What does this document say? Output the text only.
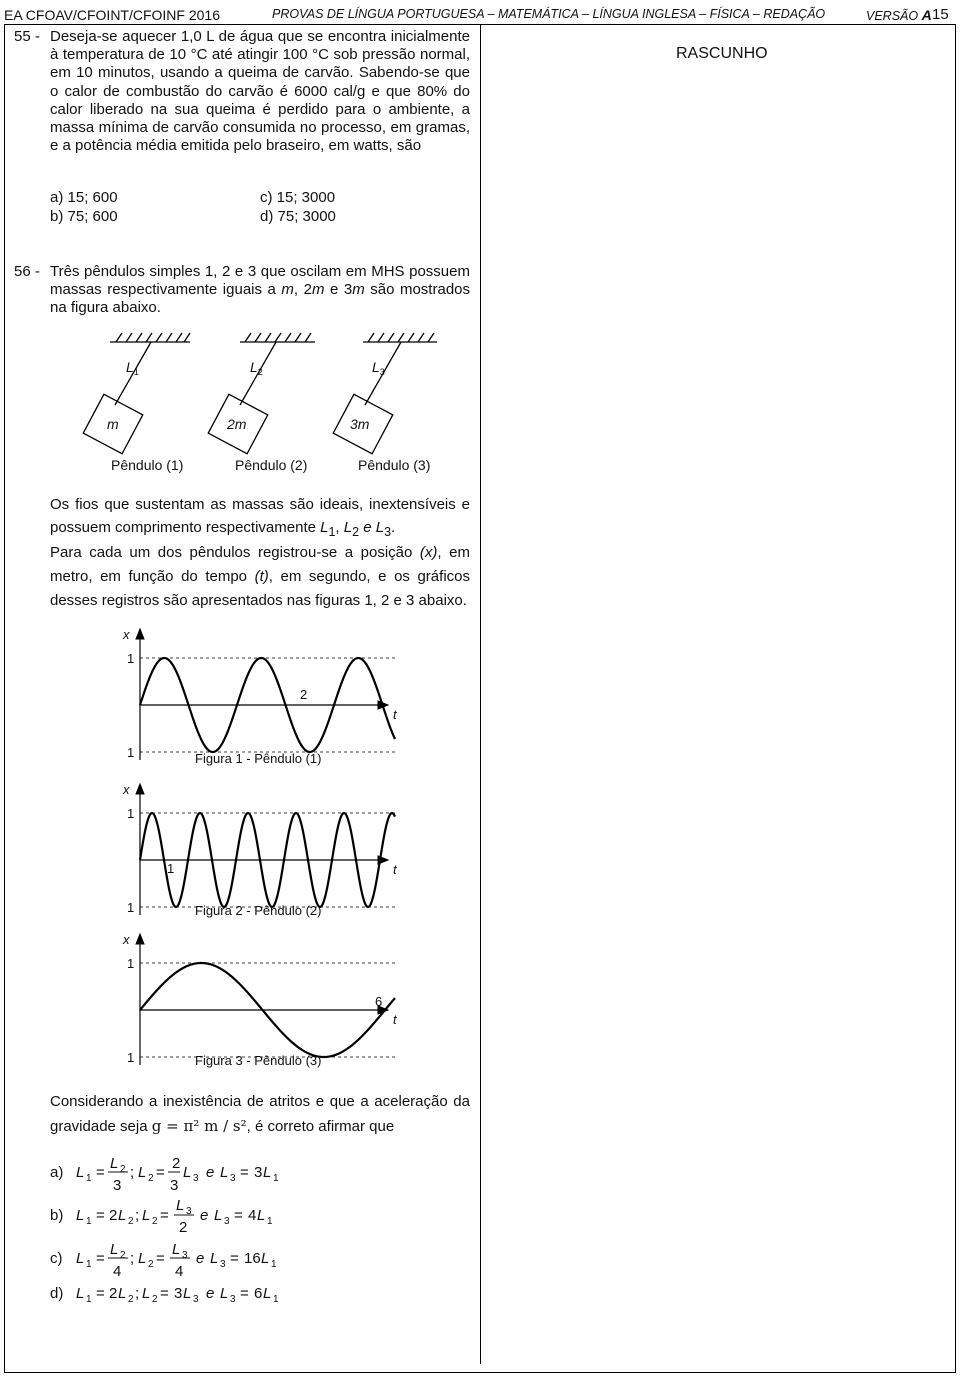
EA CFOAV/CFOINT/CFOINF 2016	PROVAS DE LÍNGUA PORTUGUESA – MATEMÁTICA – LÍNGUA INGLESA – FÍSICA – REDAÇÃO	VERSÃO A 15
RASCUNHO
55 - Deseja-se aquecer 1,0 L de água que se encontra inicialmente à temperatura de 10 °C até atingir 100 °C sob pressão normal, em 10 minutos, usando a queima de carvão. Sabendo-se que o calor de combustão do carvão é 6000 cal/g e que 80% do calor liberado na sua queima é perdido para o ambiente, a massa mínima de carvão consumida no processo, em gramas, e a potência média emitida pelo braseiro, em watts, são
a) 15; 600
b) 75; 600
c) 15; 3000
d) 75; 3000
56 - Três pêndulos simples 1, 2 e 3 que oscilam em MHS possuem massas respectivamente iguais a m, 2m e 3m são mostrados na figura abaixo.
$L_1$	$L_2$	$L_3$
m	2m	3m
Pêndulo (1)	Pêndulo (2)	Pêndulo (3)
Os fios que sustentam as massas são ideais, inextensíveis e possuem comprimento respectivamente $L_1$, $L_2$ e $L_3$.
Para cada um dos pêndulos registrou-se a posição (x), em metro, em função do tempo (t), em segundo, e os gráficos desses registros são apresentados nas figuras 1, 2 e 3 abaixo.
x
1
1
t
2
Figura 1 - Pêndulo (1)
x
1
1
t
1
Figura 2 - Pêndulo (2)
x
1
1
t
6
Figura 3 - Pêndulo (3)
Considerando a inexistência de atritos e que a aceleração da gravidade seja g = π² m / s², é correto afirmar que
a) L 1 =
L 2
3
; L 2 =
2
3
L 3 e L 3 = 3 L 1
b) L 1 = 2 L 2 ; L 2 =
L 3
2
e L 3 = 4 L 1
c) L 1 =
L 2
4
; L 2 =
L 3
4
e L 3 = 16 L 1
d) L 1 = 2 L 2 ; L 2 = 3 L 3 e L 3 = 6 L 1
